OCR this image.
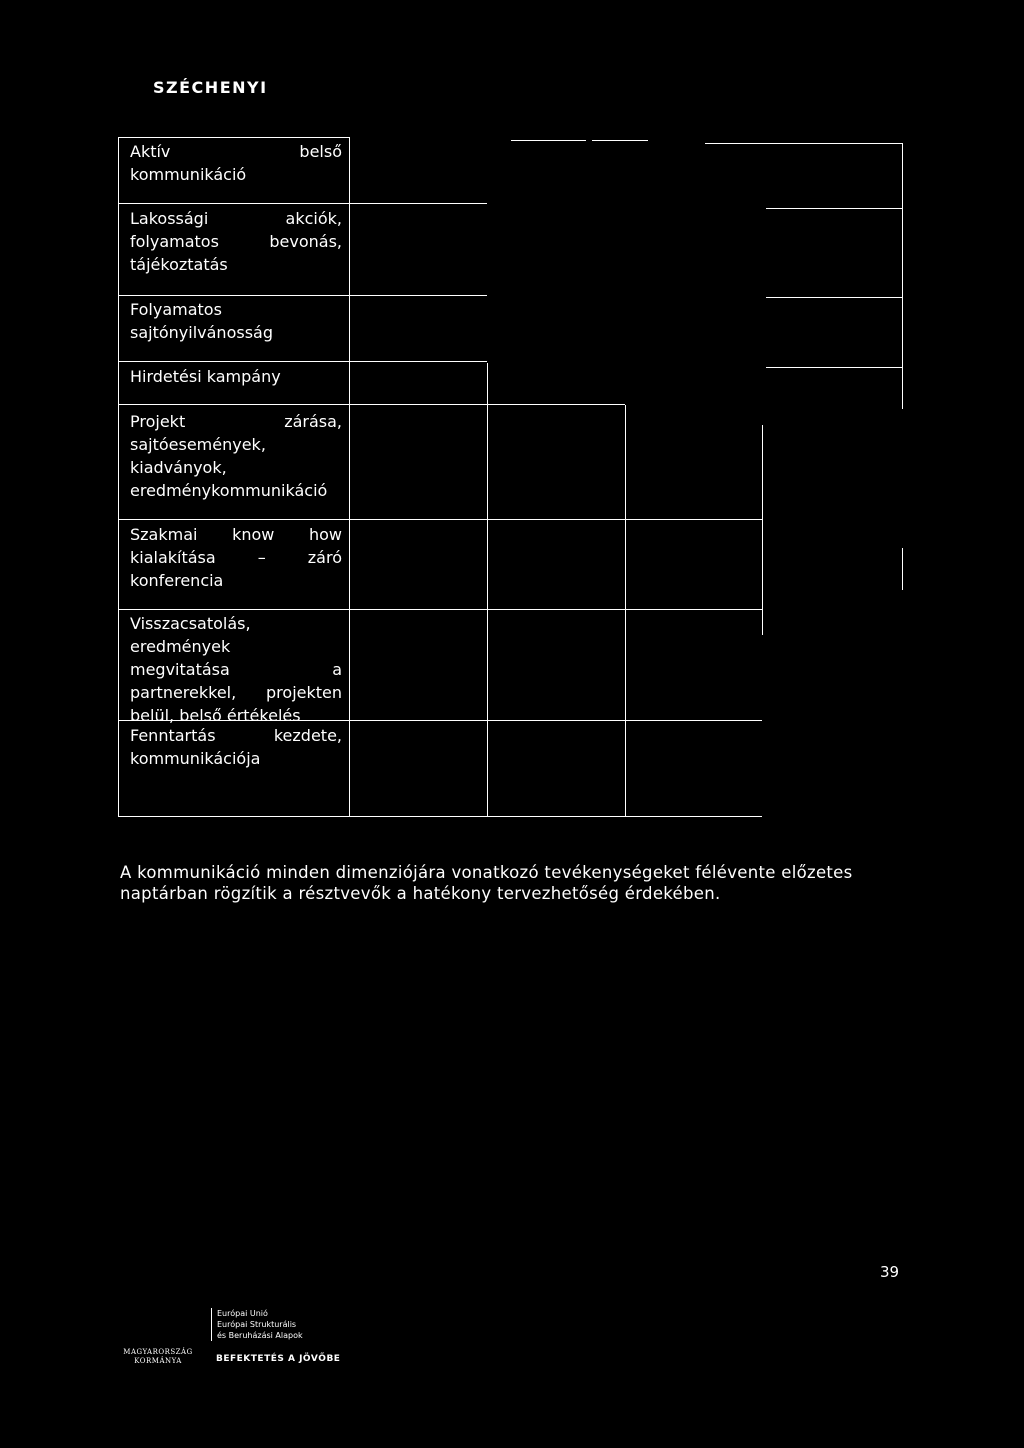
SZÉCHENYI
Aktív	belső
kommunikáció
Lakossági	akciók,
folyamatos	bevonás,
tájékoztatás
Folyamatos
sajtónyilvánosság
Hirdetési kampány
Projekt	zárása,
sajtóesemények,
kiadványok,
eredménykommunikáció
Szakmai know how
kialakítása	–	záró
konferencia
Visszacsatolás,
eredmények
megvitatása	a
partnerekkel, projekten
belül, belső értékelés
Fenntartás	kezdete,
kommunikációja
A kommunikáció minden dimenziójára vonatkozó tevékenységeket félévente előzetes
naptárban rögzítik a résztvevők a hatékony tervezhetőség érdekében.
39
MAGYARORSZÁG
KORMÁNYA
Európai Unió
Európai Strukturális
és Beruházási Alapok
BEFEKTETÉS A JÖVŐBE
